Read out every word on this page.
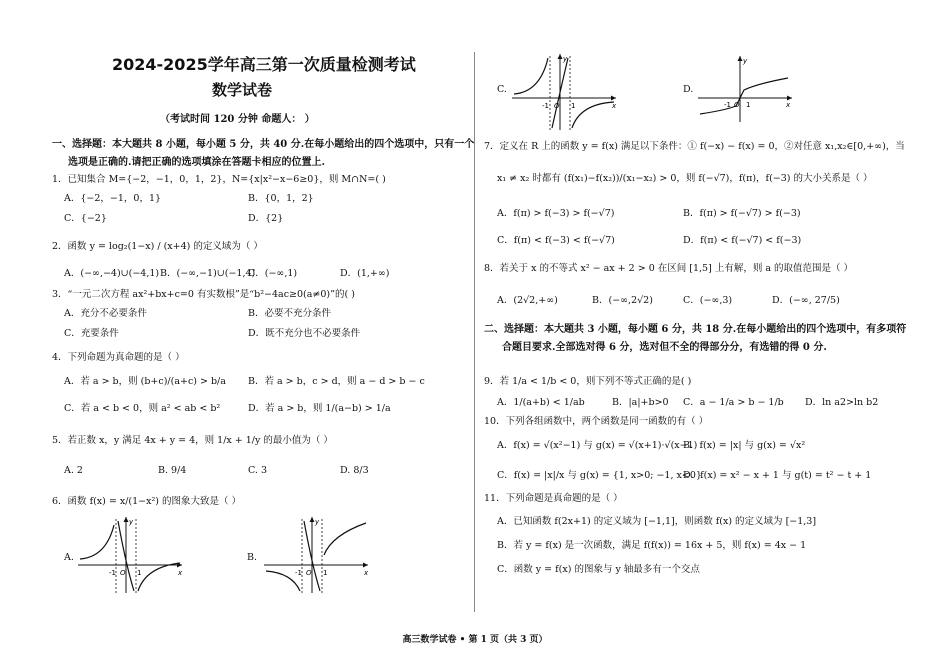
2024-2025学年高三第一次质量检测考试
数学试卷
（考试时间 120 分钟 命题人： ）
一、选择题：本大题共 8 小题，每小题 5 分，共 40 分.在每小题给出的四个选项中，只有一个
选项是正确的.请把正确的选项填涂在答题卡相应的位置上.
1．已知集合 M={−2，−1，0，1，2}，N={x|x²−x−6≥0}，则 M∩N=( )
A．{−2，−1，0，1}	B．{0，1，2}
C．{−2}	D．{2}
2．函数 y = log₂(1−x) / (x+4) 的定义域为（ ）
A．(−∞,−4)∪(−4,1) B．(−∞,−1)∪(−1,4)
C．(−∞,1)	D．(1,+∞)
3．“一元二次方程 ax²+bx+c=0 有实数根”是“b²−4ac≥0(a≠0)”的( )
A．充分不必要条件	B．必要不充分条件
C．充要条件	D．既不充分也不必要条件
4．下列命题为真命题的是（ ）
A．若 a > b，则 (b+c)/(a+c) > b/a B．若 a > b，c > d，则 a − d > b − c
C．若 a < b < 0，则 a² < ab < b²	D．若 a > b，则 1/(a−b) > 1/a
5．若正数 x，y 满足 4x + y = 4，则 1/x + 1/y 的最小值为（ ）
A. 2	B. 9/4	C. 3	D. 8/3
6．函数 f(x) = x/(1−x²) 的图象大致是（ ）
A.	B.
-1 O 1	x
y
-1 O 1	x
y
C.	D.
-1 O 1	x
y
-1 O 1	x
y
7．定义在 R 上的函数 y = f(x) 满足以下条件：① f(−x) − f(x) = 0，②对任意 x₁,x₂∈[0,+∞)，当
x₁ ≠ x₂ 时都有 (f(x₁)−f(x₂))/(x₁−x₂) > 0，则 f(−√7)，f(π)，f(−3) 的大小关系是（ ）
A．f(π) > f(−3) > f(−√7)	B．f(π) > f(−√7) > f(−3)
C．f(π) < f(−3) < f(−√7)	D．f(π) < f(−√7) < f(−3)
8．若关于 x 的不等式 x² − ax + 2 > 0 在区间 [1,5] 上有解，则 a 的取值范围是（ ）
A．(2√2,+∞)	B．(−∞,2√2)	C．(−∞,3)	D．(−∞, 27/5)
二、选择题：本大题共 3 小题，每小题 6 分，共 18 分.在每小题给出的四个选项中，有多项符
合题目要求.全部选对得 6 分，选对但不全的得部分分，有选错的得 0 分.
9．若 1/a < 1/b < 0，则下列不等式正确的是( )
A．1/(a+b) < 1/ab	B．|a|+b>0 C．a − 1/a > b − 1/b D．ln a2>ln b2
10．下列各组函数中，两个函数是同一函数的有（ ）
A．f(x) = √(x²−1) 与 g(x) = √(x+1)·√(x−1)
B．f(x) = |x| 与 g(x) = √x²
C．f(x) = |x|/x 与 g(x) = {1, x>0; −1, x<0}
D．f(x) = x² − x + 1 与 g(t) = t² − t + 1
11．下列命题是真命题的是（ ）
A．已知函数 f(2x+1) 的定义域为 [−1,1]，则函数 f(x) 的定义域为 [−1,3]
B．若 y = f(x) 是一次函数，满足 f(f(x)) = 16x + 5，则 f(x) = 4x − 1
C．函数 y = f(x) 的图象与 y 轴最多有一个交点
高三数学试卷 • 第 1 页（共 3 页）
